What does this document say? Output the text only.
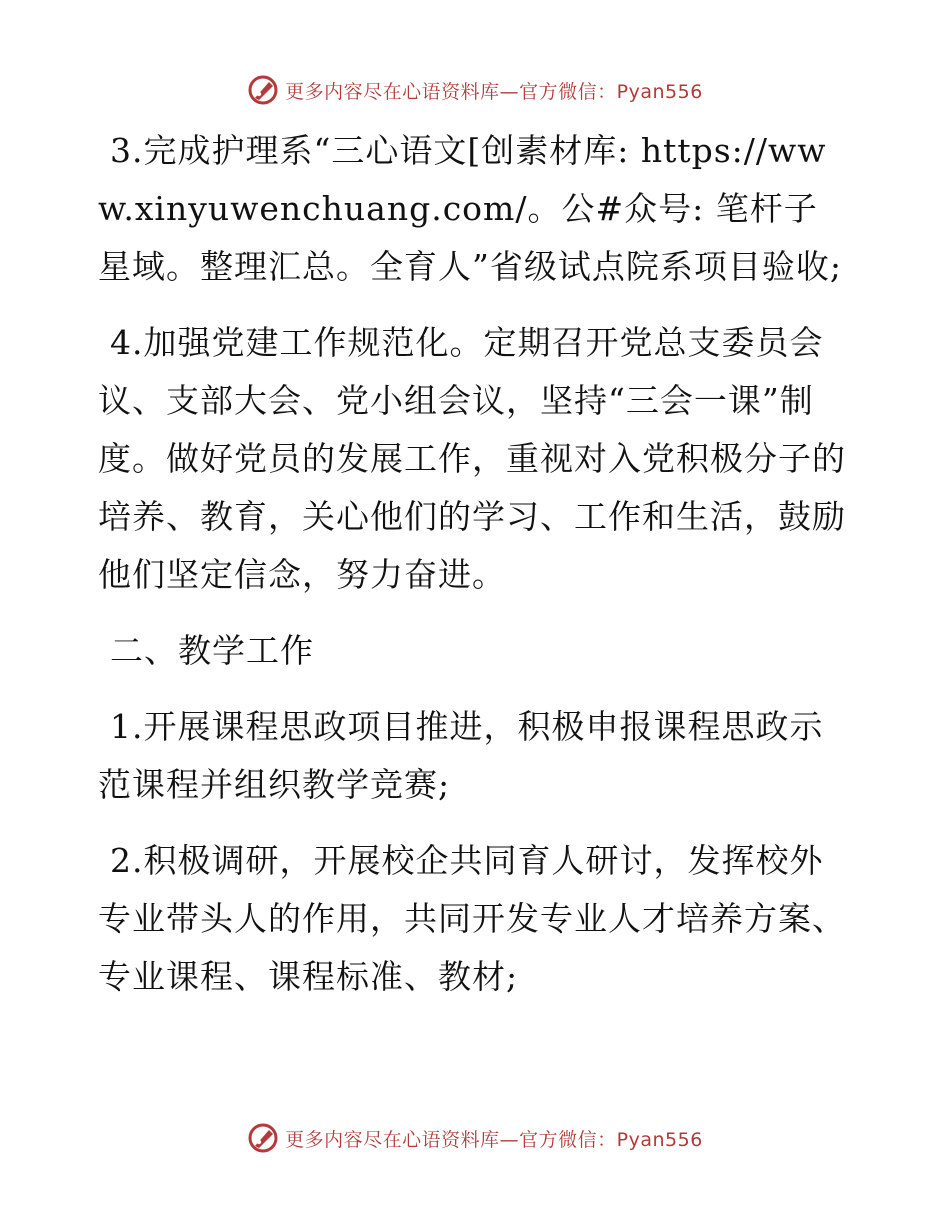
更多内容尽在心语资料库—官方微信：Pyan556

3.完成护理系“三心语文[创素材库: https://www.xinyuwenchuang.com/。公#众号: 笔杆子星域。整理汇总。全育人”省级试点院系项目验收;

4.加强党建工作规范化。定期召开党总支委员会议、支部大会、党小组会议，坚持“三会一课”制度。做好党员的发展工作，重视对入党积极分子的培养、教育，关心他们的学习、工作和生活，鼓励他们坚定信念，努力奋进。

二、教学工作

1.开展课程思政项目推进，积极申报课程思政示范课程并组织教学竞赛;

2.积极调研，开展校企共同育人研讨，发挥校外专业带头人的作用，共同开发专业人才培养方案、专业课程、课程标准、教材;

更多内容尽在心语资料库—官方微信：Pyan556
